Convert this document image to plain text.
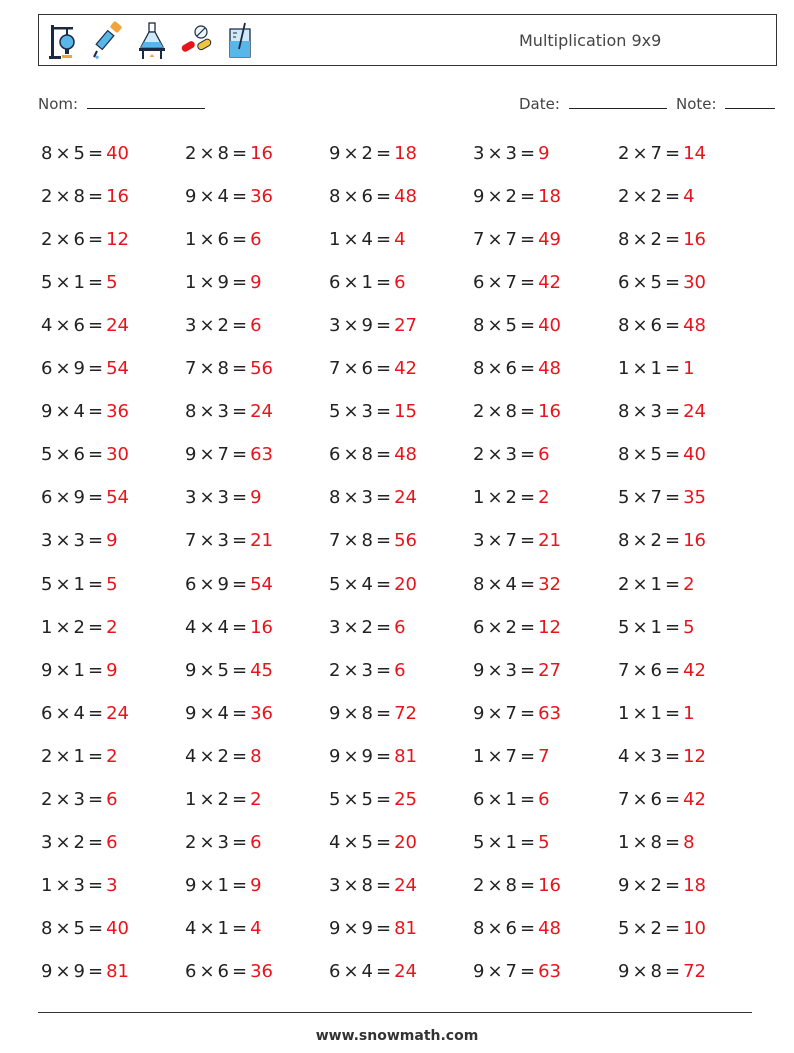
Multiplication 9x9
Nom:	Date:	Note:
8 × 5 = 40	2 × 8 = 16	9 × 2 = 18	3 × 3 = 9	2 × 7 = 14
2 × 8 = 16	9 × 4 = 36	8 × 6 = 48	9 × 2 = 18	2 × 2 = 4
2 × 6 = 12	1 × 6 = 6	1 × 4 = 4	7 × 7 = 49	8 × 2 = 16
5 × 1 = 5	1 × 9 = 9	6 × 1 = 6	6 × 7 = 42	6 × 5 = 30
4 × 6 = 24	3 × 2 = 6	3 × 9 = 27	8 × 5 = 40	8 × 6 = 48
6 × 9 = 54	7 × 8 = 56	7 × 6 = 42	8 × 6 = 48	1 × 1 = 1
9 × 4 = 36	8 × 3 = 24	5 × 3 = 15	2 × 8 = 16	8 × 3 = 24
5 × 6 = 30	9 × 7 = 63	6 × 8 = 48	2 × 3 = 6	8 × 5 = 40
6 × 9 = 54	3 × 3 = 9	8 × 3 = 24	1 × 2 = 2	5 × 7 = 35
3 × 3 = 9	7 × 3 = 21	7 × 8 = 56	3 × 7 = 21	8 × 2 = 16
5 × 1 = 5	6 × 9 = 54	5 × 4 = 20	8 × 4 = 32	2 × 1 = 2
1 × 2 = 2	4 × 4 = 16	3 × 2 = 6	6 × 2 = 12	5 × 1 = 5
9 × 1 = 9	9 × 5 = 45	2 × 3 = 6	9 × 3 = 27	7 × 6 = 42
6 × 4 = 24	9 × 4 = 36	9 × 8 = 72	9 × 7 = 63	1 × 1 = 1
2 × 1 = 2	4 × 2 = 8	9 × 9 = 81	1 × 7 = 7	4 × 3 = 12
2 × 3 = 6	1 × 2 = 2	5 × 5 = 25	6 × 1 = 6	7 × 6 = 42
3 × 2 = 6	2 × 3 = 6	4 × 5 = 20	5 × 1 = 5	1 × 8 = 8
1 × 3 = 3	9 × 1 = 9	3 × 8 = 24	2 × 8 = 16	9 × 2 = 18
8 × 5 = 40	4 × 1 = 4	9 × 9 = 81	8 × 6 = 48	5 × 2 = 10
9 × 9 = 81	6 × 6 = 36	6 × 4 = 24	9 × 7 = 63	9 × 8 = 72
www.snowmath.com
